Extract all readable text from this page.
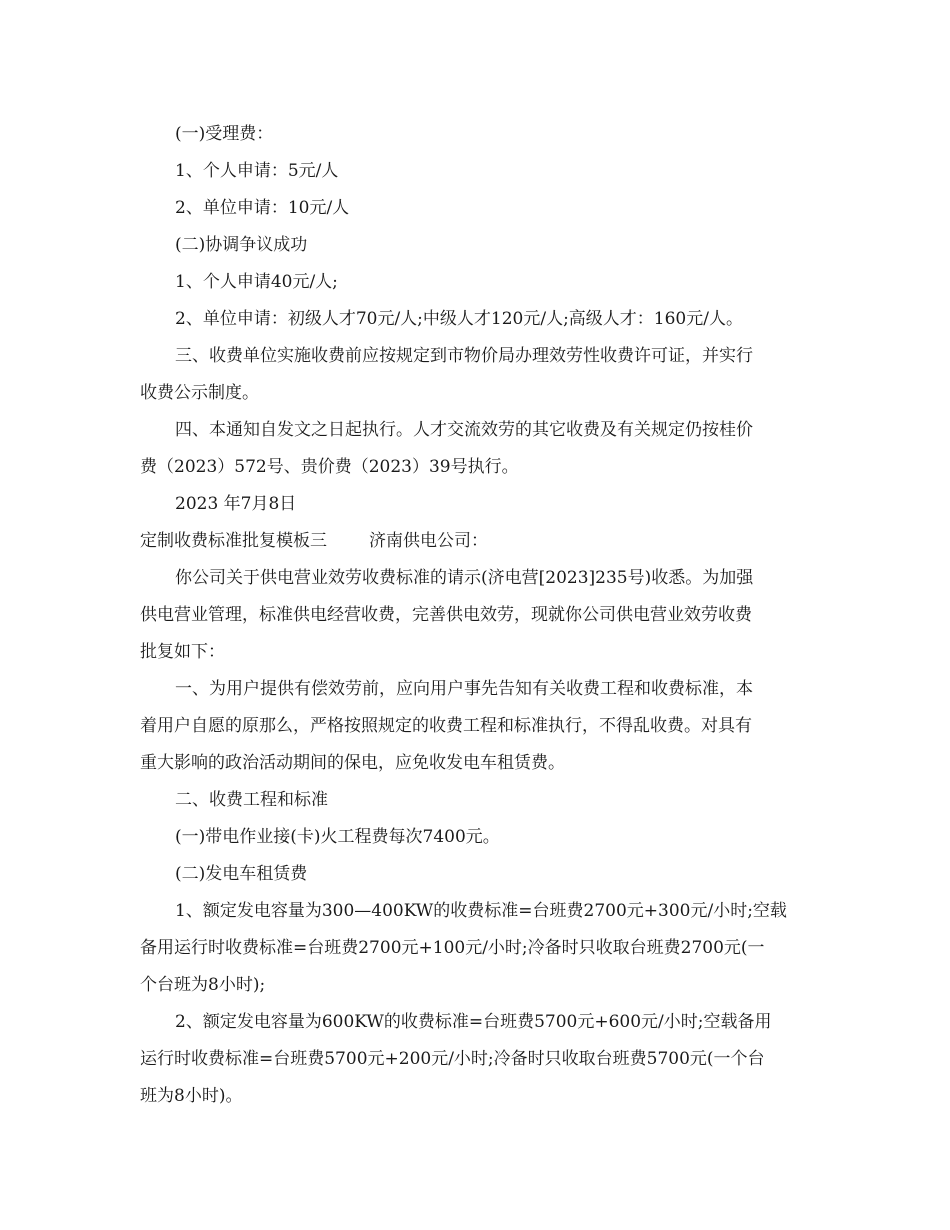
(一)受理费：

1、个人申请：5元/人

2、单位申请：10元/人

(二)协调争议成功

1、个人申请40元/人;

2、单位申请：初级人才70元/人;中级人才120元/人;高级人才：160元/人。

三、收费单位实施收费前应按规定到市物价局办理效劳性收费许可证，并实行

收费公示制度。

四、本通知自发文之日起执行。人才交流效劳的其它收费及有关规定仍按桂价

费（2023）572号、贵价费（2023）39号执行。

2023 年7月8日

定制收费标准批复模板三 济南供电公司：

你公司关于供电营业效劳收费标准的请示(济电营[2023]235号)收悉。为加强

供电营业管理，标准供电经营收费，完善供电效劳，现就你公司供电营业效劳收费

批复如下：

一、为用户提供有偿效劳前，应向用户事先告知有关收费工程和收费标准，本

着用户自愿的原那么，严格按照规定的收费工程和标准执行，不得乱收费。对具有

重大影响的政治活动期间的保电，应免收发电车租赁费。

二、收费工程和标准

(一)带电作业接(卡)火工程费每次7400元。

(二)发电车租赁费

1、额定发电容量为300—400KW的收费标准=台班费2700元+300元/小时;空载

备用运行时收费标准=台班费2700元+100元/小时;冷备时只收取台班费2700元(一

个台班为8小时);

2、额定发电容量为600KW的收费标准=台班费5700元+600元/小时;空载备用

运行时收费标准=台班费5700元+200元/小时;冷备时只收取台班费5700元(一个台

班为8小时)。
